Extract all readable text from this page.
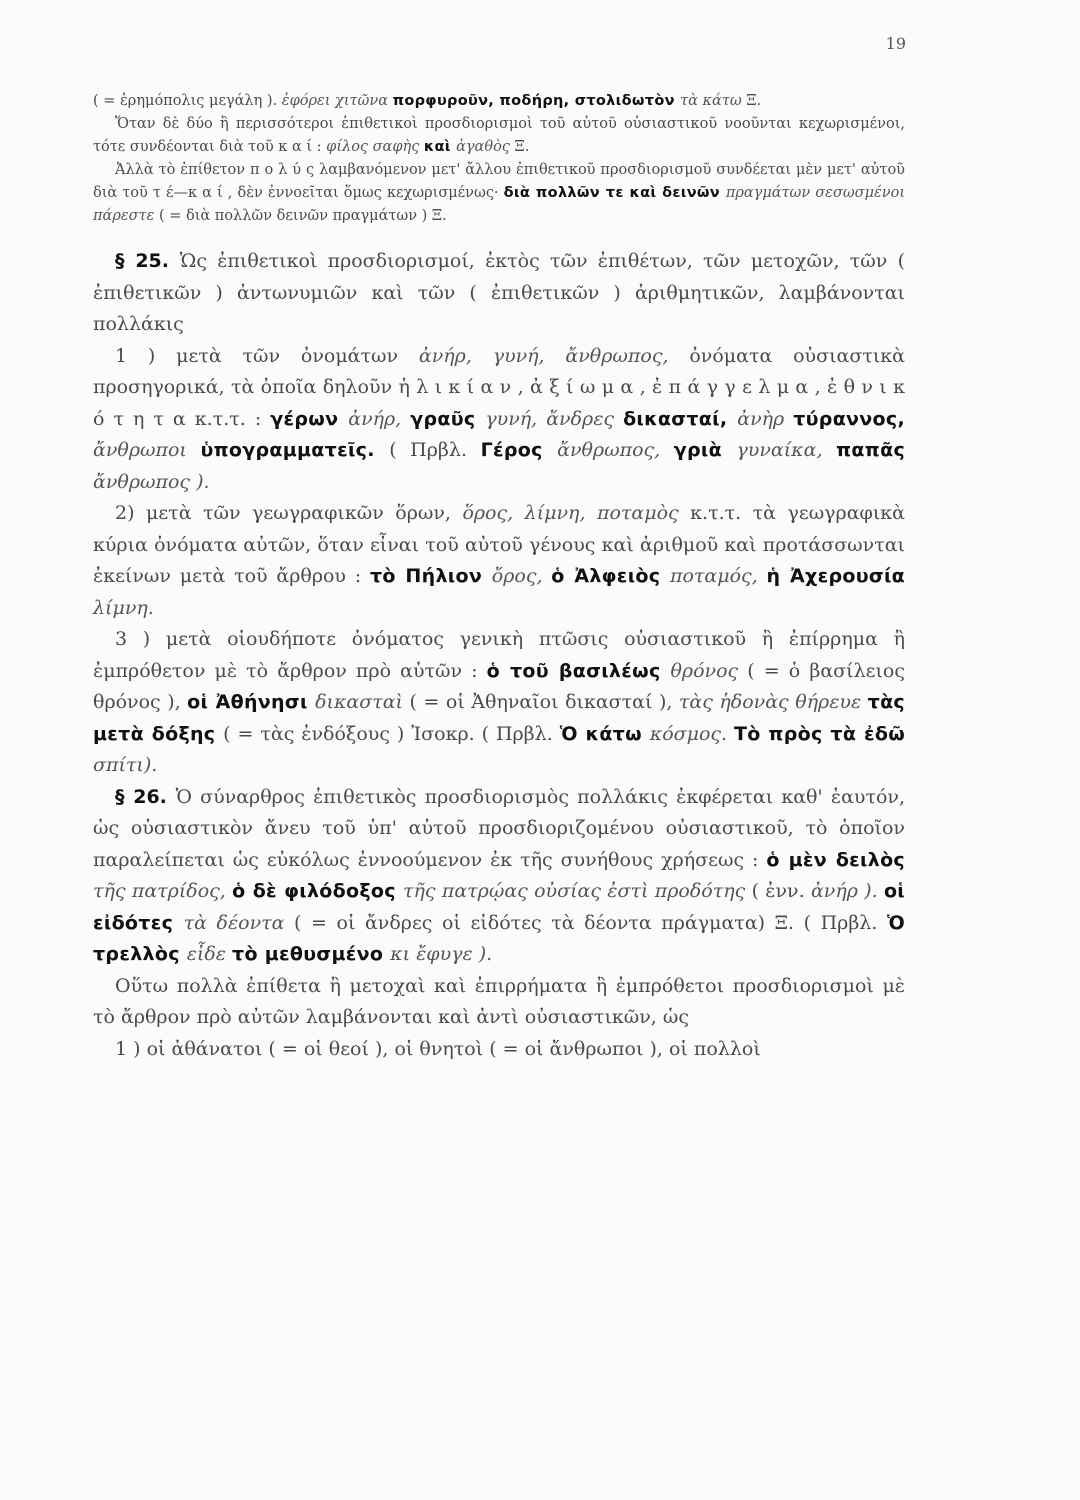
19

( = ἐρημόπολις μεγάλη ). ἐφόρει χιτῶνα πορφυροῦν, ποδήρη, στολιδωτὸν τὰ κάτω Ξ.

Ὅταν δὲ δύο ἢ περισσότεροι ἐπιθετικοὶ προσδιορισμοὶ τοῦ αὐτοῦ οὐσιαστικοῦ νοοῦνται κεχωρισμένοι, τότε συνδέονται διὰ τοῦ κ α ί : φίλος σαφὴς καὶ ἀγαθὸς Ξ.

Ἀλλὰ τὸ ἐπίθετον π ο λ ύ ς λαμβανόμενον μετ' ἄλλου ἐπιθετικοῦ προσδιορισμοῦ συνδέεται μὲν μετ' αὐτοῦ διὰ τοῦ τ έ—κ α ί , δὲν ἐννοεῖται ὅμως κεχωρισμένως· διὰ πολλῶν τε καὶ δεινῶν πραγμάτων σεσωσμένοι πάρεστε ( = διὰ πολλῶν δεινῶν πραγμάτων ) Ξ.

§ 25. Ὡς ἐπιθετικοὶ προσδιορισμοί, ἐκτὸς τῶν ἐπιθέτων, τῶν μετοχῶν, τῶν ( ἐπιθετικῶν ) ἀντωνυμιῶν καὶ τῶν ( ἐπιθετικῶν ) ἀριθμητικῶν, λαμβάνονται πολλάκις

1 ) μετὰ τῶν ὀνομάτων ἀνήρ, γυνή, ἄνθρωπος, ὀνόματα οὐσιαστικὰ προσηγορικά, τὰ ὁποῖα δηλοῦν ἡ λ ι κ ί α ν , ἀ ξ ί ω μ α , ἐ π ά γ γ ε λ μ α , ἐ θ ν ι κ ό τ η τ α κ.τ.τ. : γέρων ἀνήρ, γραῦς γυνή, ἄνδρες δικασταί, ἀνὴρ τύραννος, ἄνθρωποι ὑπογραμματεῖς. ( Πρβλ. Γέρος ἄνθρωπος, γριὰ γυναίκα, παπᾶς ἄνθρωπος ).

2) μετὰ τῶν γεωγραφικῶν ὅρων, ὅρος, λίμνη, ποταμὸς κ.τ.τ. τὰ γεωγραφικὰ κύρια ὀνόματα αὐτῶν, ὅταν εἶναι τοῦ αὐτοῦ γένους καὶ ἀριθμοῦ καὶ προτάσσωνται ἐκείνων μετὰ τοῦ ἄρθρου : τὸ Πήλιον ὄρος, ὁ Ἀλφειὸς ποταμός, ἡ Ἀχερουσία λίμνη.

3 ) μετὰ οἱουδήποτε ὀνόματος γενικὴ πτῶσις οὐσιαστικοῦ ἢ ἐπίρρημα ἢ ἐμπρόθετον μὲ τὸ ἄρθρον πρὸ αὐτῶν : ὁ τοῦ βασιλέως θρόνος ( = ὁ βασίλειος θρόνος ), οἱ Ἀθήνησι δικασταὶ ( = οἱ Ἀθηναῖοι δικασταί ), τὰς ἡδονὰς θήρευε τὰς μετὰ δόξης ( = τὰς ἐνδόξους ) Ἰσοκρ. ( Πρβλ. Ὁ κάτω κόσμος. Τὸ πρὸς τὰ ἐδῶ σπίτι).

§ 26. Ὁ σύναρθρος ἐπιθετικὸς προσδιορισμὸς πολλάκις ἐκφέρεται καθ' ἑαυτόν, ὡς οὐσιαστικὸν ἄνευ τοῦ ὑπ' αὐτοῦ προσδιοριζομένου οὐσιαστικοῦ, τὸ ὁποῖον παραλείπεται ὡς εὐκόλως ἐννοούμενον ἐκ τῆς συνήθους χρήσεως : ὁ μὲν δειλὸς τῆς πατρίδος, ὁ δὲ φιλόδοξος τῆς πατρῴας οὐσίας ἐστὶ προδότης ( ἐνν. ἀνήρ ). οἱ εἰδότες τὰ δέοντα ( = οἱ ἄνδρες οἱ εἰδότες τὰ δέοντα πράγματα) Ξ. ( Πρβλ. Ὁ τρελλὸς εἶδε τὸ μεθυσμένο κι ἔφυγε ).

Οὕτω πολλὰ ἐπίθετα ἢ μετοχαὶ καὶ ἐπιρρήματα ἢ ἐμπρόθετοι προσδιορισμοὶ μὲ τὸ ἄρθρον πρὸ αὐτῶν λαμβάνονται καὶ ἀντὶ οὐσιαστικῶν, ὡς

1 ) οἱ ἀθάνατοι ( = οἱ θεοί ), οἱ θνητοὶ ( = οἱ ἄνθρωποι ), οἱ πολλοὶ
